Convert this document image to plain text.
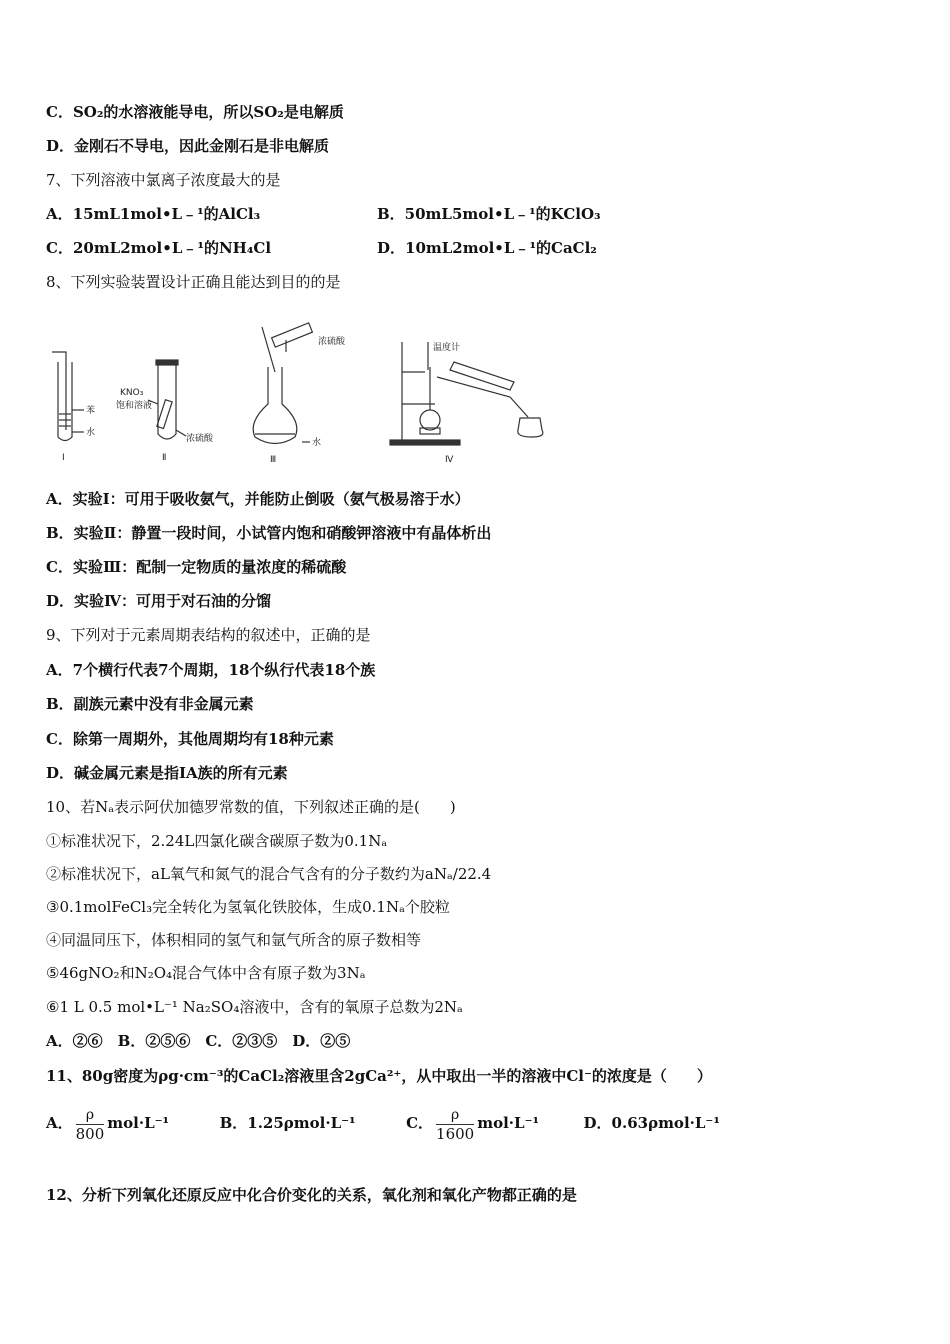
C．SO₂的水溶液能导电，所以SO₂是电解质
D．金刚石不导电，因此金刚石是非电解质
7、下列溶液中氯离子浓度最大的是
A．15mL1mol•L﹣¹的AlCl₃	B．50mL5mol•L﹣¹的KClO₃
C．20mL2mol•L﹣¹的NH₄Cl	D．10mL2mol•L﹣¹的CaCl₂
8、下列实验装置设计正确且能达到目的的是
苯
水
Ⅰ
KNO₃
饱和溶液
浓硫酸
Ⅱ
浓硫酸
水
Ⅲ
温度计
Ⅳ
A．实验Ⅰ：可用于吸收氨气，并能防止倒吸（氨气极易溶于水）
B．实验Ⅱ：静置一段时间，小试管内饱和硝酸钾溶液中有晶体析出
C．实验Ⅲ：配制一定物质的量浓度的稀硫酸
D．实验Ⅳ：可用于对石油的分馏
9、下列对于元素周期表结构的叙述中，正确的是
A．7个横行代表7个周期，18个纵行代表18个族
B．副族元素中没有非金属元素
C．除第一周期外，其他周期均有18种元素
D．碱金属元素是指ⅠA族的所有元素
10、若Nₐ表示阿伏加德罗常数的值，下列叙述正确的是(　　)
①标准状况下，2.24L四氯化碳含碳原子数为0.1Nₐ
②标准状况下，aL氧气和氮气的混合气含有的分子数约为aNₐ/22.4
③0.1molFeCl₃完全转化为氢氧化铁胶体，生成0.1Nₐ个胶粒
④同温同压下，体积相同的氢气和氩气所含的原子数相等
⑤46gNO₂和N₂O₄混合气体中含有原子数为3Nₐ
⑥1 L 0.5 mol•L⁻¹ Na₂SO₄溶液中，含有的氧原子总数为2Nₐ
A．②⑥　B．②⑤⑥　C．②③⑤　D．②⑤
11、80g密度为ρg·cm⁻³的CaCl₂溶液里含2gCa²⁺，从中取出一半的溶液中Cl⁻的浓度是（　　）
A． $\frac{\rho}{800} mol\cdot L^{-1}$	B．1.25ρmol·L⁻¹	C． $\frac{\rho}{1600} mol\cdot L^{-1}$	D．0.63ρmol·L⁻¹
12、分析下列氧化还原反应中化合价变化的关系，氧化剂和氧化产物都正确的是
